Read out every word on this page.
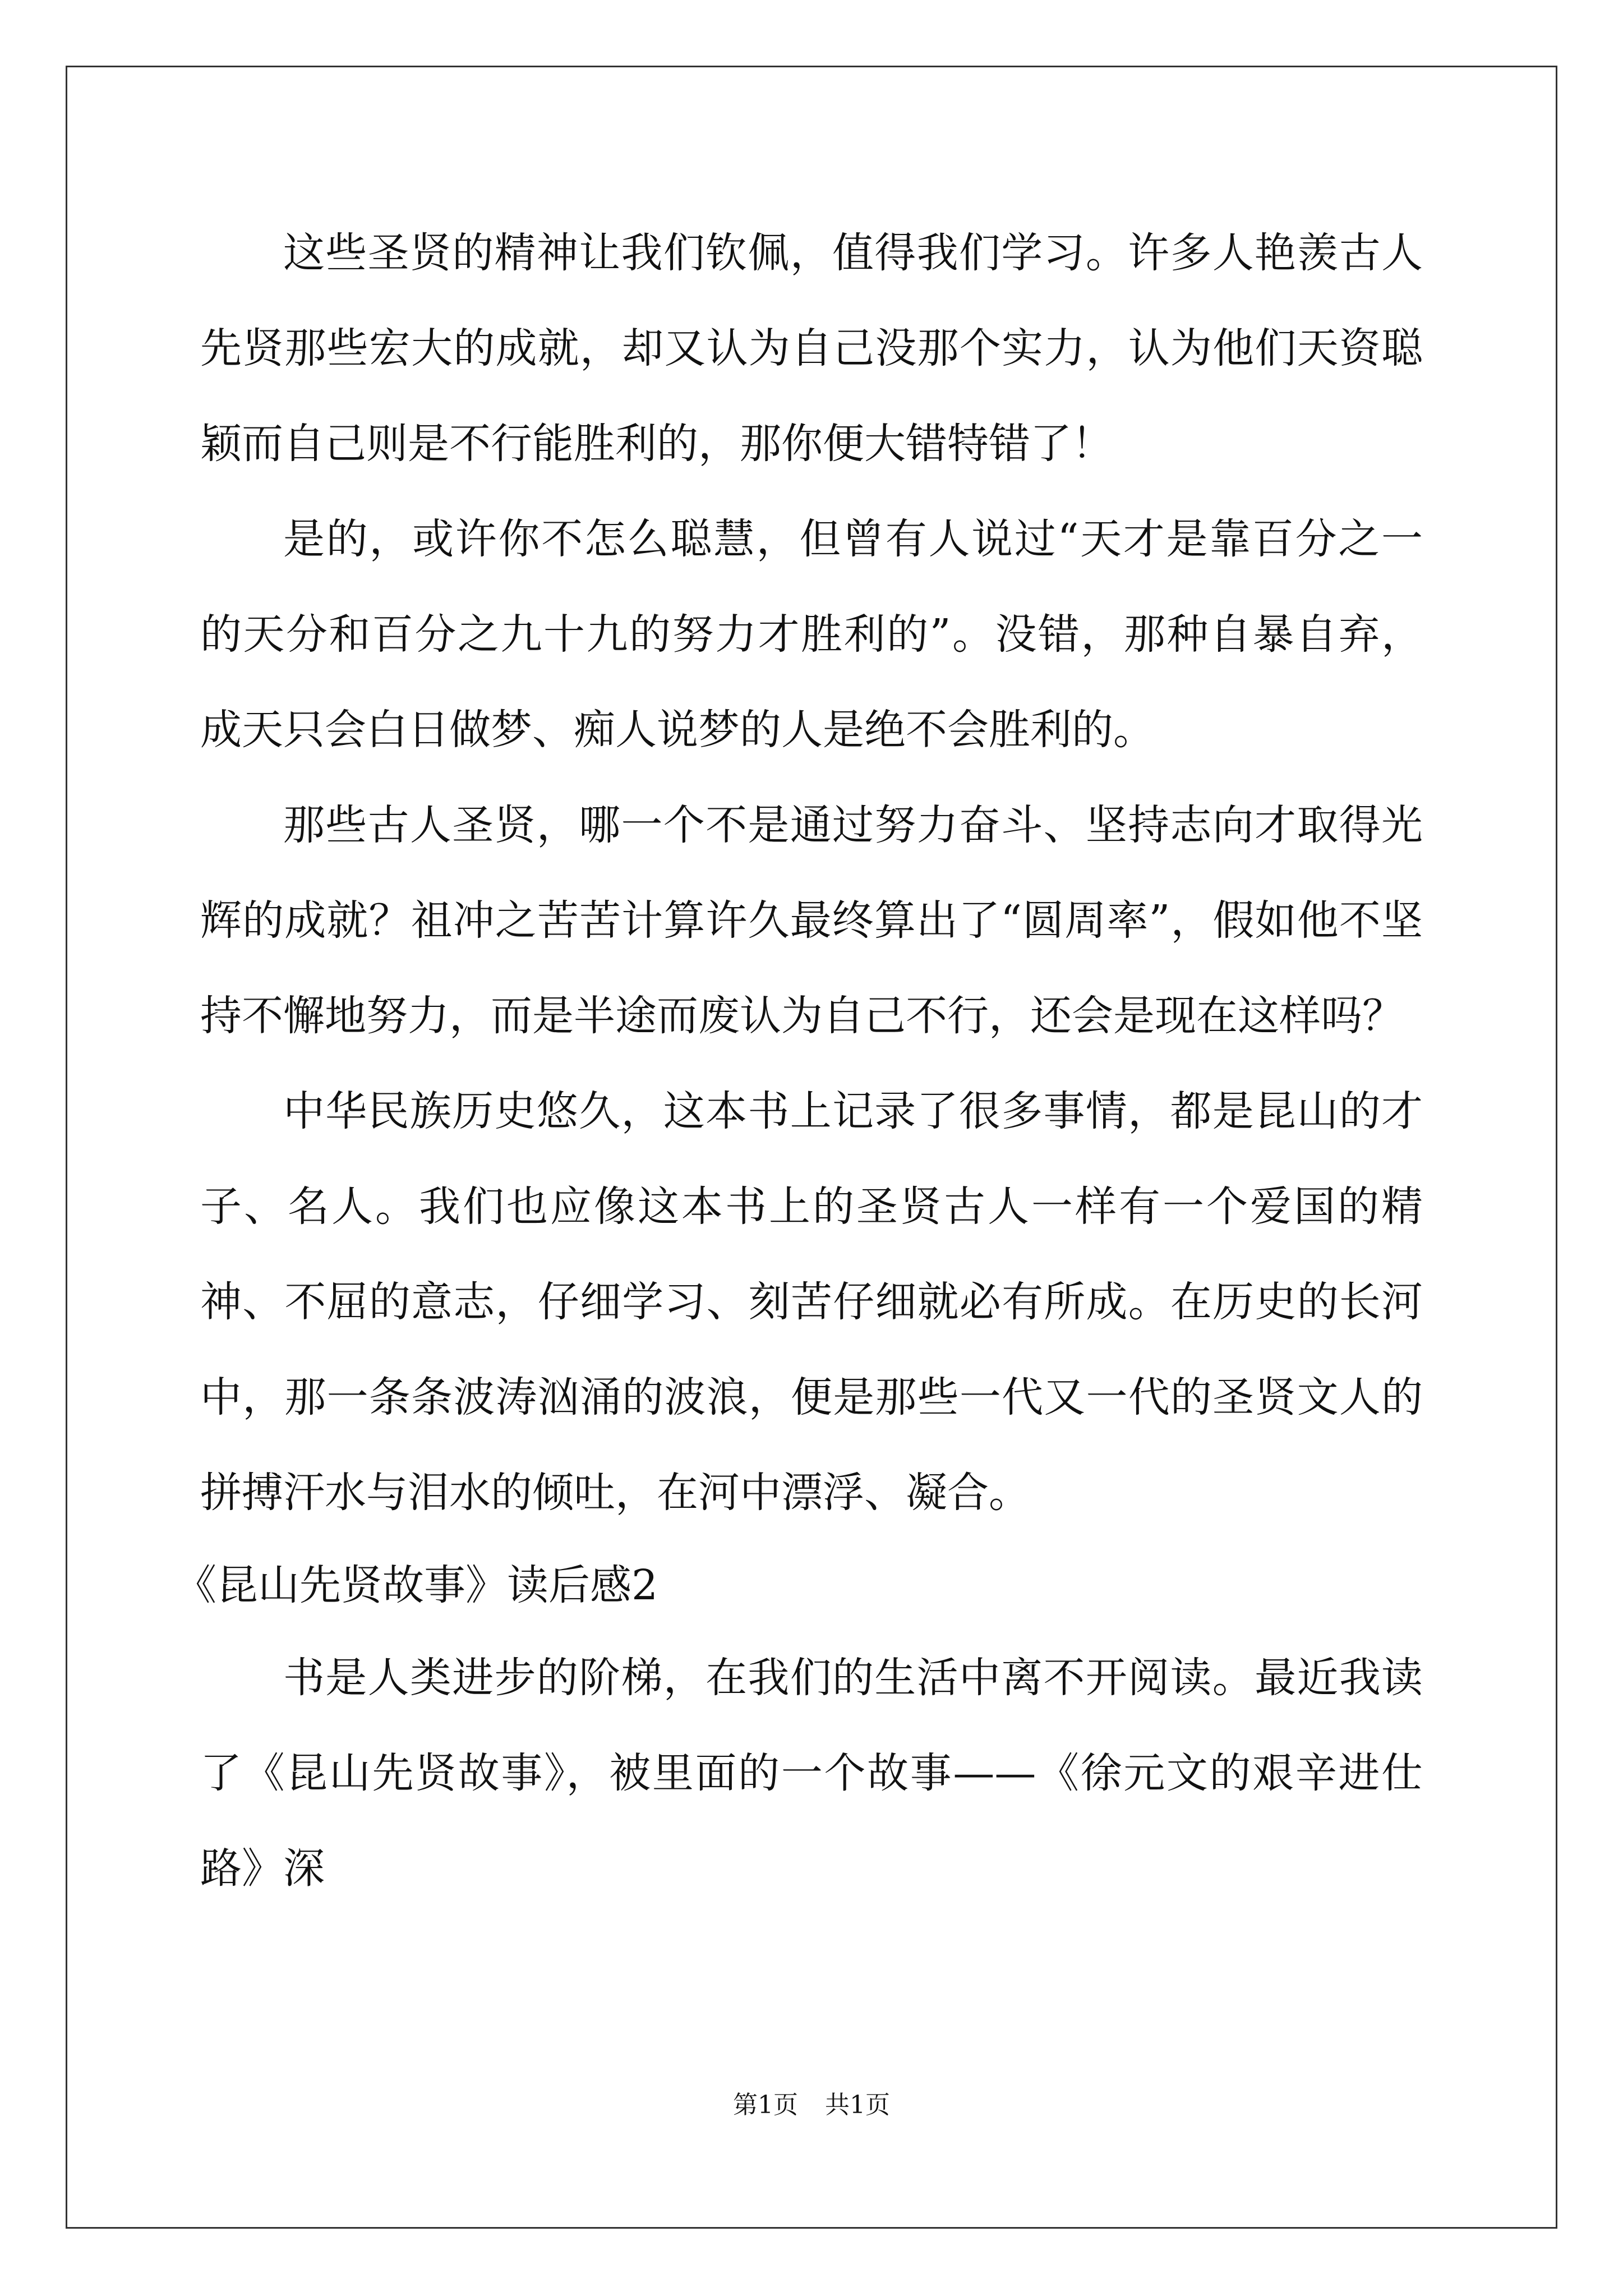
这些圣贤的精神让我们钦佩，值得我们学习。许多人艳羡古人先贤那些宏大的成就，却又认为自己没那个实力，认为他们天资聪颖而自己则是不行能胜利的，那你便大错特错了！

是的，或许你不怎么聪慧，但曾有人说过“天才是靠百分之一的天分和百分之九十九的努力才胜利的”。没错，那种自暴自弃，成天只会白日做梦、痴人说梦的人是绝不会胜利的。

那些古人圣贤，哪一个不是通过努力奋斗、坚持志向才取得光辉的成就？祖冲之苦苦计算许久最终算出了“圆周率”，假如他不坚持不懈地努力，而是半途而废认为自己不行，还会是现在这样吗？

中华民族历史悠久，这本书上记录了很多事情，都是昆山的才子、名人。我们也应像这本书上的圣贤古人一样有一个爱国的精神、不屈的意志，仔细学习、刻苦仔细就必有所成。在历史的长河中，那一条条波涛汹涌的波浪，便是那些一代又一代的圣贤文人的拼搏汗水与泪水的倾吐，在河中漂浮、凝合。

《昆山先贤故事》读后感2

书是人类进步的阶梯，在我们的生活中离不开阅读。最近我读了《昆山先贤故事》，被里面的一个故事——《徐元文的艰辛进仕路》深

第1页 共1页
